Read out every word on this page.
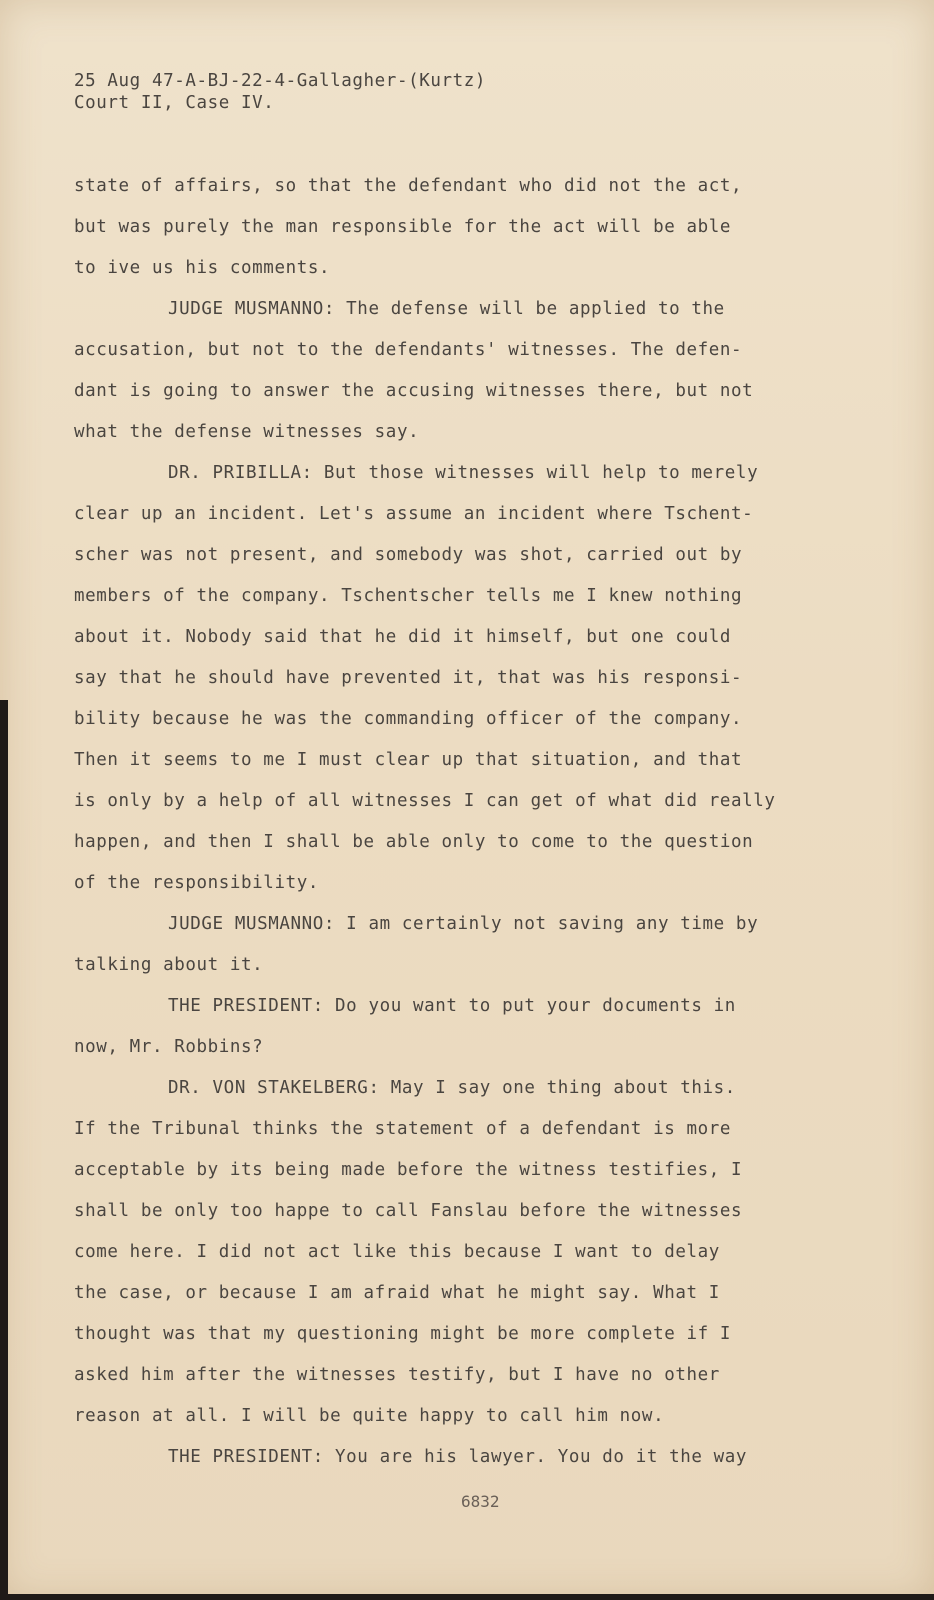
25 Aug 47-A-BJ-22-4-Gallagher-(Kurtz)
Court II, Case IV.
state of affairs, so that the defendant who did not the act,
but was purely the man responsible for the act will be able
to ive us his comments.
JUDGE MUSMANNO: The defense will be applied to the
accusation, but not to the defendants' witnesses. The defen-
dant is going to answer the accusing witnesses there, but not
what the defense witnesses say.
DR. PRIBILLA: But those witnesses will help to merely
clear up an incident. Let's assume an incident where Tschent-
scher was not present, and somebody was shot, carried out by
members of the company. Tschentscher tells me I knew nothing
about it. Nobody said that he did it himself, but one could
say that he should have prevented it, that was his responsi-
bility because he was the commanding officer of the company.
Then it seems to me I must clear up that situation, and that
is only by a help of all witnesses I can get of what did really
happen, and then I shall be able only to come to the question
of the responsibility.
JUDGE MUSMANNO: I am certainly not saving any time by
talking about it.
THE PRESIDENT: Do you want to put your documents in
now, Mr. Robbins?
DR. VON STAKELBERG: May I say one thing about this.
If the Tribunal thinks the statement of a defendant is more
acceptable by its being made before the witness testifies, I
shall be only too happe to call Fanslau before the witnesses
come here. I did not act like this because I want to delay
the case, or because I am afraid what he might say. What I
thought was that my questioning might be more complete if I
asked him after the witnesses testify, but I have no other
reason at all. I will be quite happy to call him now.
THE PRESIDENT: You are his lawyer. You do it the way
6832
